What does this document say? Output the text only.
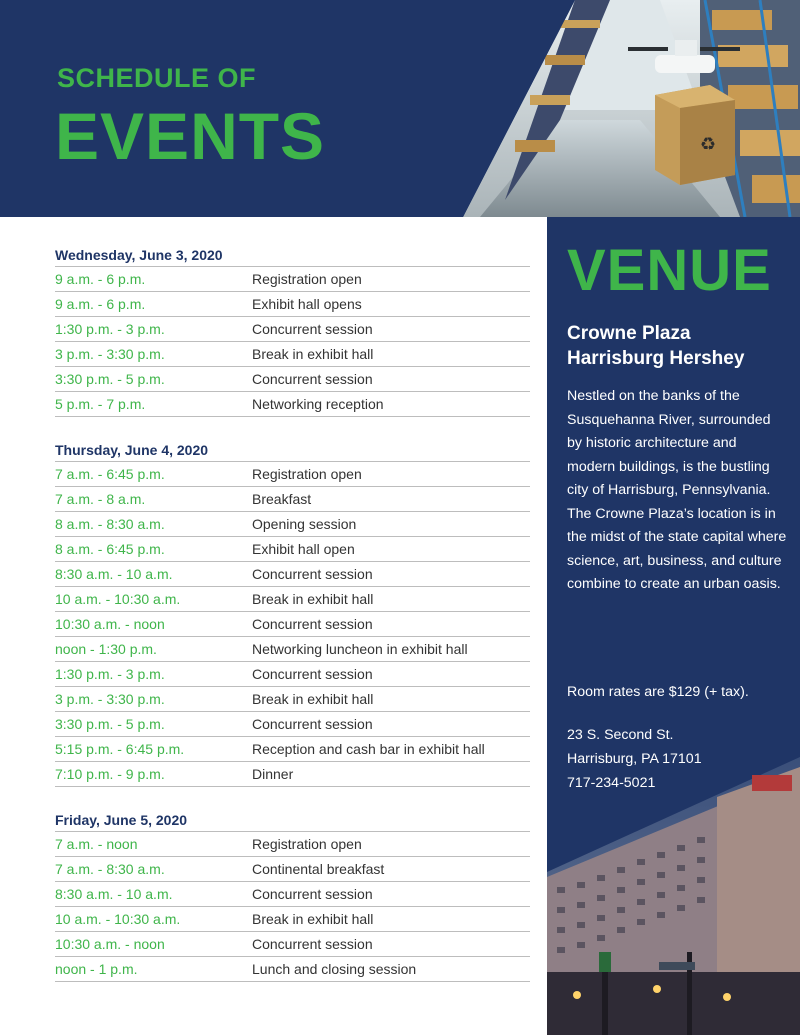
♻
SCHEDULE OF
EVENTS
Wednesday, June 3, 2020
9 a.m. - 6 p.m.	Registration open
9 a.m. - 6 p.m.	Exhibit hall opens
1:30 p.m. - 3 p.m.	Concurrent session
3 p.m. - 3:30 p.m.	Break in exhibit hall
3:30 p.m. - 5 p.m.	Concurrent session
5 p.m. - 7 p.m.	Networking reception
Thursday, June 4, 2020
7 a.m. - 6:45 p.m.	Registration open
7 a.m. - 8 a.m.	Breakfast
8 a.m. - 8:30 a.m.	Opening session
8 a.m. - 6:45 p.m.	Exhibit hall open
8:30 a.m. - 10 a.m.	Concurrent session
10 a.m. - 10:30 a.m.	Break in exhibit hall
10:30 a.m. - noon	Concurrent session
noon - 1:30 p.m.	Networking luncheon in exhibit hall
1:30 p.m. - 3 p.m.	Concurrent session
3 p.m. - 3:30 p.m.	Break in exhibit hall
3:30 p.m. - 5 p.m.	Concurrent session
5:15 p.m. - 6:45 p.m.	Reception and cash bar in exhibit hall
7:10 p.m. - 9 p.m.	Dinner
Friday, June 5, 2020
7 a.m. - noon	Registration open
7 a.m. - 8:30 a.m.	Continental breakfast
8:30 a.m. - 10 a.m.	Concurrent session
10 a.m. - 10:30 a.m.	Break in exhibit hall
10:30 a.m. - noon	Concurrent session
noon - 1 p.m.	Lunch and closing session
VENUE
Crowne Plaza
Harrisburg Hershey
Nestled on the banks of the Susquehanna River, surrounded by historic architecture and modern buildings, is the bustling city of Harrisburg, Pennsylvania. The Crowne Plaza’s location is in the midst of the state capital where science, art, business, and culture combine to create an urban oasis.
Room rates are $129 (+ tax).
23 S. Second St.
Harrisburg, PA 17101
717-234-5021
